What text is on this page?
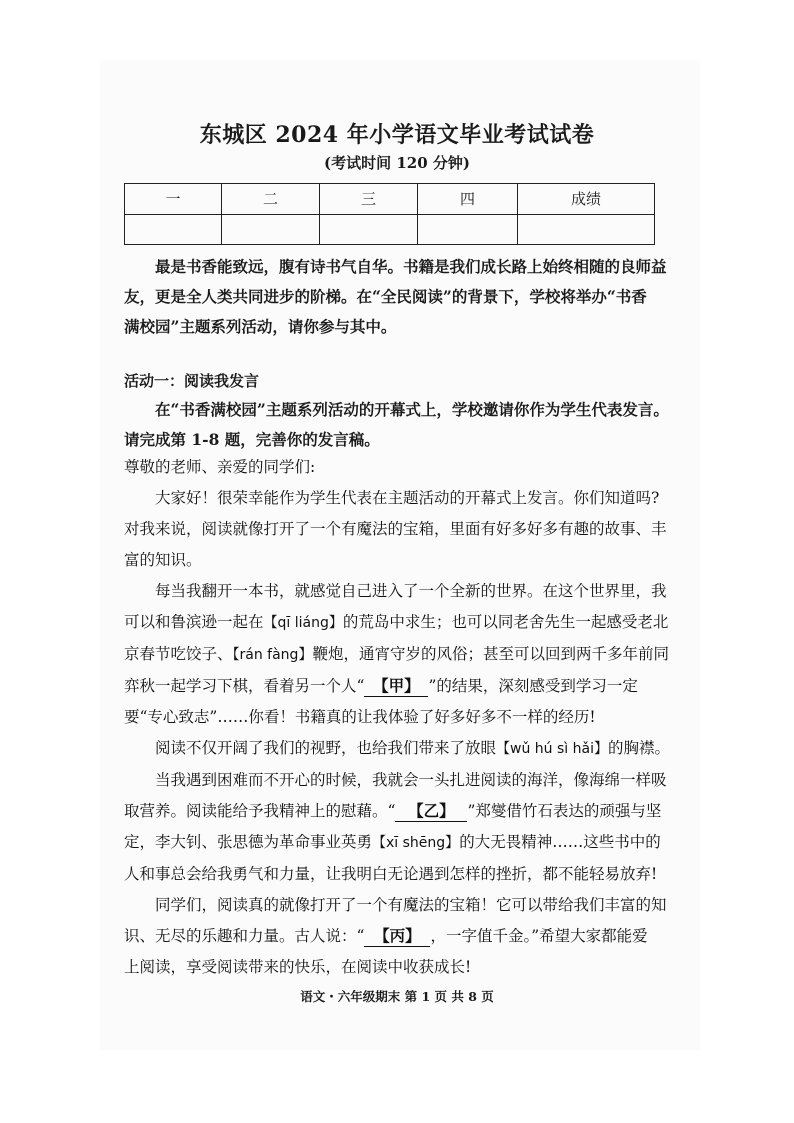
东城区 2024 年小学语文毕业考试试卷
(考试时间 120 分钟)
一	二	三	四	成绩

最是书香能致远，腹有诗书气自华。书籍是我们成长路上始终相随的良师益
友，更是全人类共同进步的阶梯。在“全民阅读”的背景下，学校将举办“书香
满校园”主题系列活动，请你参与其中。
活动一：阅读我发言
在“书香满校园”主题系列活动的开幕式上，学校邀请你作为学生代表发言。
请完成第 1-8 题，完善你的发言稿。
尊敬的老师、亲爱的同学们:
大家好！很荣幸能作为学生代表在主题活动的开幕式上发言。你们知道吗?
对我来说，阅读就像打开了一个有魔法的宝箱，里面有好多好多有趣的故事、丰
富的知识。
每当我翻开一本书，就感觉自己进入了一个全新的世界。在这个世界里，我
可以和鲁滨逊一起在【qī liáng】的荒岛中求生；也可以同老舍先生一起感受老北
京春节吃饺子、【rán fàng】鞭炮，通宵守岁的风俗；甚至可以回到两千多年前同
弈秋一起学习下棋，看着另一个人“ 【甲】 ”的结果，深刻感受到学习一定
要“专心致志”……你看！书籍真的让我体验了好多好多不一样的经历!
阅读不仅开阔了我们的视野，也给我们带来了放眼【wǔ hú sì hǎi】的胸襟。
当我遇到困难而不开心的时候，我就会一头扎进阅读的海洋，像海绵一样吸
取营养。阅读能给予我精神上的慰藉。“ 【乙】 ”郑燮借竹石表达的顽强与坚
定，李大钊、张思德为革命事业英勇【xī shēng】的大无畏精神……这些书中的
人和事总会给我勇气和力量，让我明白无论遇到怎样的挫折，都不能轻易放弃!
同学们，阅读真的就像打开了一个有魔法的宝箱！它可以带给我们丰富的知
识、无尽的乐趣和力量。古人说：“ 【丙】 ，一字值千金。”希望大家都能爱
上阅读，享受阅读带来的快乐，在阅读中收获成长!
语文・六年级期末 第 1 页 共 8 页
